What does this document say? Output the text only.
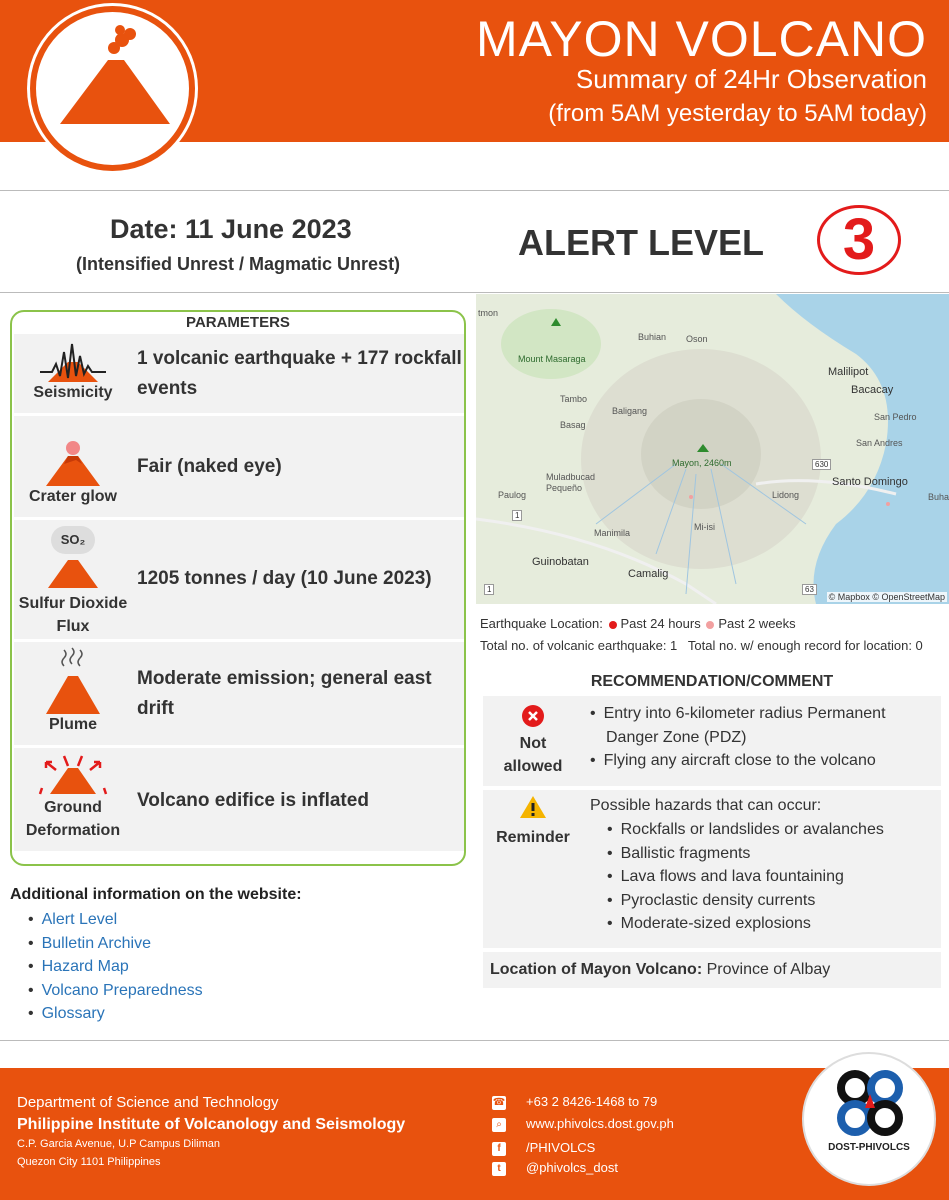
MAYON VOLCANO
Summary of 24Hr Observation
(from 5AM yesterday to 5AM today)
Date: 11 June 2023
(Intensified Unrest / Magmatic Unrest)
ALERT LEVEL	3
PARAMETERS
Seismicity
1 volcanic earthquake + 177 rockfall events
Crater glow
Fair (naked eye)
SO₂
Sulfur Dioxide Flux
1205 tonnes / day (10 June 2023)
Plume
Moderate emission; general east drift
Ground Deformation
Volcano edifice is inflated
Additional information on the website:
• Alert Level
• Bulletin Archive
• Hazard Map
• Volcano Preparedness
• Glossary
tmon
Mount Masaraga
Buhian Oson
Malilipot
Bacacay
Tambo
Baligang
San Pedro
Basag
San Andres
Mayon, 2460m
Muladbucad Pequeño
Paulog	Lidong
Santo Domingo
Buha
Manimila
Mi-isi
Guinobatan
Camalig
630
1
1	63
© Mapbox © OpenStreetMap
Earthquake Location: Past 24 hours Past 2 weeks
Total no. of volcanic earthquake: 1 Total no. w/ enough record for location: 0
RECOMMENDATION/COMMENT
Not
allowed
• Entry into 6-kilometer radius Permanent Danger Zone (PDZ)
• Flying any aircraft close to the volcano
Reminder
Possible hazards that can occur:
• Rockfalls or landslides or avalanches
• Ballistic fragments
• Lava flows and lava fountaining
• Pyroclastic density currents
• Moderate-sized explosions
Location of Mayon Volcano: Province of Albay
Department of Science and Technology
Philippine Institute of Volcanology and Seismology
C.P. Garcia Avenue, U.P Campus Diliman
Quezon City 1101 Philippines
☎ +63 2 8426-1468 to 79
⌕ www.phivolcs.dost.gov.ph
f /PHIVOLCS
t @phivolcs_dost
DOST-PHIVOLCS
